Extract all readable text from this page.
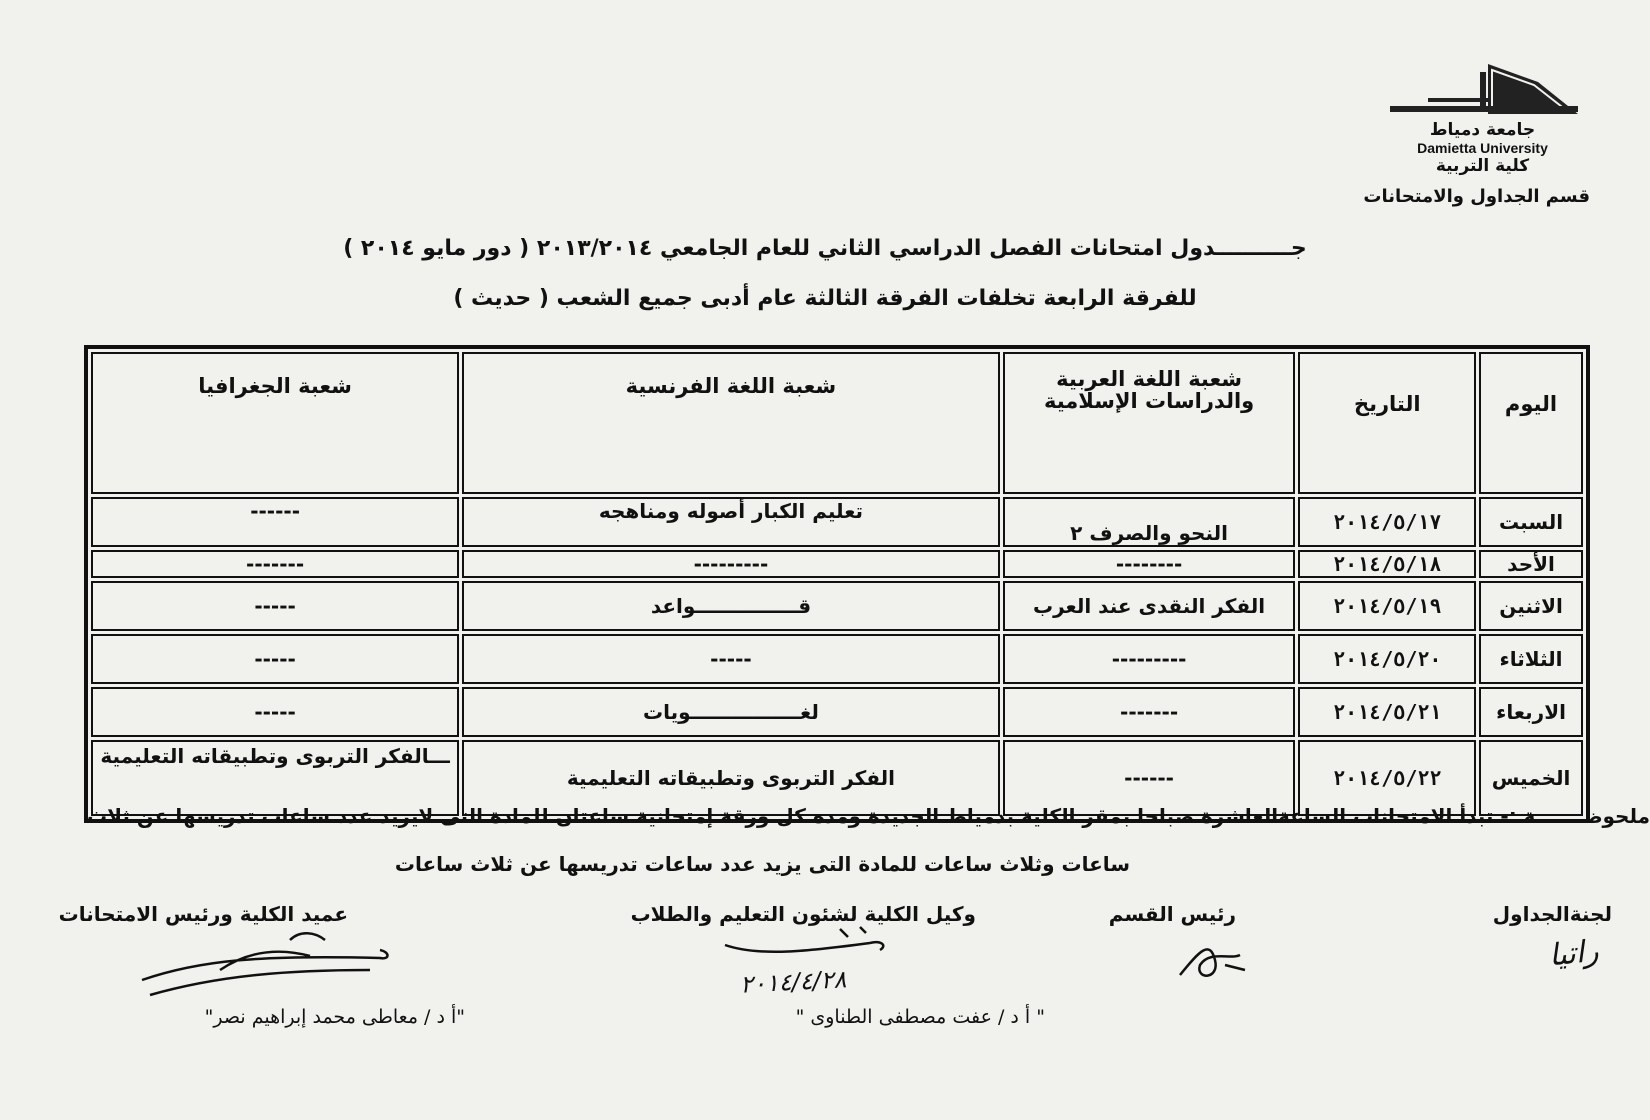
جامعة دمياط
Damietta University
كلية التربية
قسم الجداول والامتحانات
جــــــــــدول امتحانات الفصل الدراسي الثاني للعام الجامعي ٢٠١٣/٢٠١٤ ( دور مايو ٢٠١٤ )
للفرقة الرابعة تخلفات الفرقة الثالثة عام أدبى جميع الشعب ( حديث )
اليوم	التاريخ	شعبة اللغة العربية والدراسات الإسلامية	شعبة اللغة الفرنسية	شعبة الجغرافيا
السبت	٢٠١٤/٥/١٧	النحو والصرف ٢	تعليم الكبار أصوله ومناهجه	------
الأحد	٢٠١٤/٥/١٨	--------	---------	-------
الاثنين	٢٠١٤/٥/١٩	الفكر النقدى عند العرب	قـــــــــــــــواعد	-----
الثلاثاء	٢٠١٤/٥/٢٠	---------	-----	-----
الاربعاء	٢٠١٤/٥/٢١	-------	لغــــــــــــــــويات	-----
الخميس	٢٠١٤/٥/٢٢	------	الفكر التربوى وتطبيقاته التعليمية	ـــالفكر التربوى وتطبيقاته التعليمية
ملحوظـــــــة :- تبدأ الامتحانات الساعةالعاشرة صباحا بمقر الكلية بدمياط الجديدة ومده كل ورقة إمتحانية ساعتان للمادة التى لايزيد عدد ساعات تدريسها عن ثلاث
ساعات وثلاث ساعات للمادة التى يزيد عدد ساعات تدريسها عن ثلاث ساعات
لجنةالجداول
رئيس القسم
وكيل الكلية لشئون التعليم والطلاب
عميد الكلية ورئيس الامتحانات
راتيا
٢٠١٤/٤/٢٨
" أ د / عفت مصطفى الطناوى "
"أ د / معاطى محمد إبراهيم نصر"
